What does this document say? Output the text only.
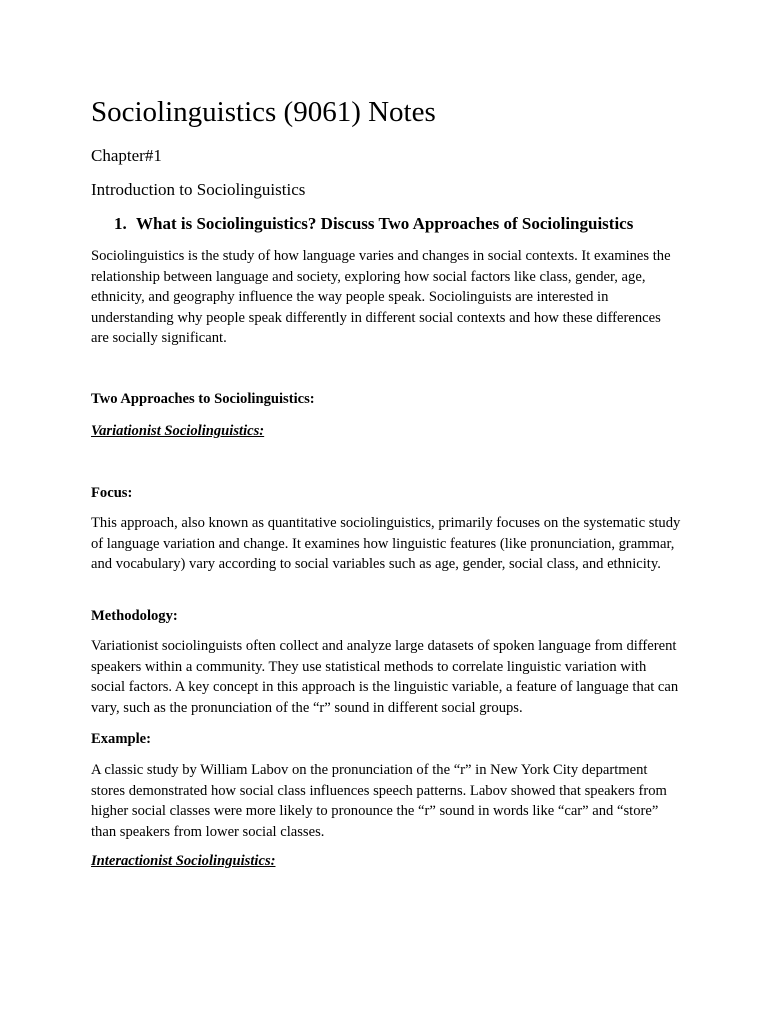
Sociolinguistics (9061) Notes
Chapter#1
Introduction to Sociolinguistics
1. What is Sociolinguistics? Discuss Two Approaches of Sociolinguistics

Sociolinguistics is the study of how language varies and changes in social contexts. It examines the relationship between language and society, exploring how social factors like class, gender, age, ethnicity, and geography influence the way people speak. Sociolinguists are interested in understanding why people speak differently in different social contexts and how these differences are socially significant.

Two Approaches to Sociolinguistics:
Variationist Sociolinguistics:
Focus:

This approach, also known as quantitative sociolinguistics, primarily focuses on the systematic study of language variation and change. It examines how linguistic features (like pronunciation, grammar, and vocabulary) vary according to social variables such as age, gender, social class, and ethnicity.

Methodology:

Variationist sociolinguists often collect and analyze large datasets of spoken language from different speakers within a community. They use statistical methods to correlate linguistic variation with social factors. A key concept in this approach is the linguistic variable, a feature of language that can vary, such as the pronunciation of the “r” sound in different social groups.

Example:

A classic study by William Labov on the pronunciation of the “r” in New York City department stores demonstrated how social class influences speech patterns. Labov showed that speakers from higher social classes were more likely to pronounce the “r” sound in words like “car” and “store” than speakers from lower social classes.

Interactionist Sociolinguistics:
